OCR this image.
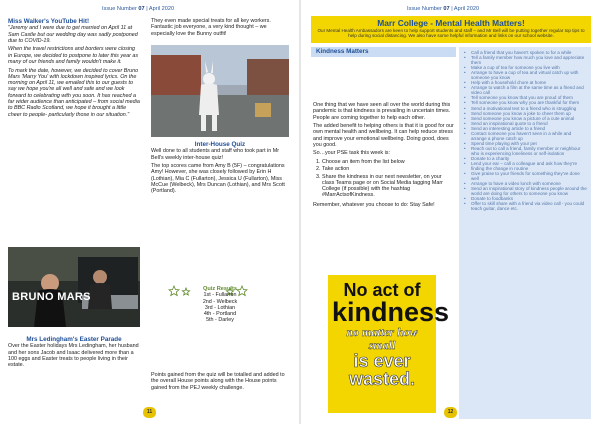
Issue Number 07 | April 2020
Miss Walker's YouTube Hit!

"Jeremy and I were due to get married on April 11 at Sam Castle but our wedding day was sadly postponed due to COVID-19.

When the travel restrictions and borders were closing in Europe, we decided to postpone to later this year as many of our friends and family wouldn't make it.

To mark the date, however, we decided to cover Bruno Mars 'Marry You' with lockdown inspired lyrics. On the morning on April 11, we emailed this to our guests to say we hope you're all well and safe and we look forward to celebrating with you soon. It has reached a far wider audience than anticipated – from social media to BBC Radio Scotland, we hope it brought a little cheer to people- particularly those in our situation."

BRUNO MARS
Mrs Ledingham's Easter Parade

Over the Easter holidays Mrs Ledingham, her husband and her sons Jacob and Isaac delivered more than a 100 eggs and Easter treats to people living in their estate.

They even made special treats for all key workers. Fantastic job everyone, a very kind thought – we especially love the Bunny outfit!

Inter-House Quiz

Well done to all students and staff who took part in Mr Bell's weekly inter-house quiz!

The top scores came from Amy B (5F) – congratulations Amy! However, she was closely followed by Erin H (Lothian), Mia C (Fullarton), Jessica U (Fullarton), Miss McCue (Welbeck), Mrs Duncan (Lothian), and Mrs Scott (Portland).

Quiz Results
1st - Fullarton
2nd - Welbeck
3rd - Lothian
4th - Portland
5th - Darley

Points gained from the quiz will be totalled and added to the overall House points along with the House points gained from the PEJ weekly challenge.

11
Issue Number 07 | April 2020
Marr College - Mental Health Matters!
Our Mental Health Ambassadors are keen to help support students and staff – and Mr Bell will be putting together regular top tips to help during social distancing. We also have some helpful information and links on our school website.
Kindness Matters

One thing that we have seen all over the world during this pandemic is that kindness is prevailing in uncertain times. People are coming together to help each other.

The added benefit to helping others is that it is good for our own mental health and wellbeing. It can help reduce stress and improve your emotional wellbeing. Doing good, does you good.

So…your PSE task this week is:

1. Choose an item from the list below
2. Take action
3. Share the kindness in our next newsletter, on your class Teams page or on Social Media tagging Marr College (if possible) with the hashtag #MarrActsofKindness.

Remember, whatever you choose to do: Stay Safe!

No act of
kindness
no matter how small
is ever wasted.
• Call a friend that you haven't spoken to for a while
• Tell a family member how much you love and appreciate them
• Make a cup of tea for someone you live with
• Arrange to have a cup of tea and virtual catch up with someone you know
• Help with a household chore at home
• Arrange to watch a film at the same time as a friend and video call
• Tell someone you know that you are proud of them
• Tell someone you know why you are thankful for them
• Send a motivational text to a friend who is struggling
• Send someone you know a joke to cheer them up
• Send someone you know a picture of a cute animal
• Send an inspirational quote to a friend
• Send an interesting article to a friend
• Contact someone you haven't seen in a while and arrange a phone catch up
• Spend time playing with your pet
• Reach out to call a friend, family member or neighbour who is experiencing loneliness or self-isolation
• Donate to a charity
• Lend your ear – call a colleague and ask how they're finding the change in routine
• Give praise to your friends for something they've done well
• Arrange to have a video lunch with someone
• Send an inspirational story of kindness people around the world are doing for others to someone you know
• Donate to foodbanks
• Offer to skill share with a friend via video call - you could teach guitar, dance etc.
12
